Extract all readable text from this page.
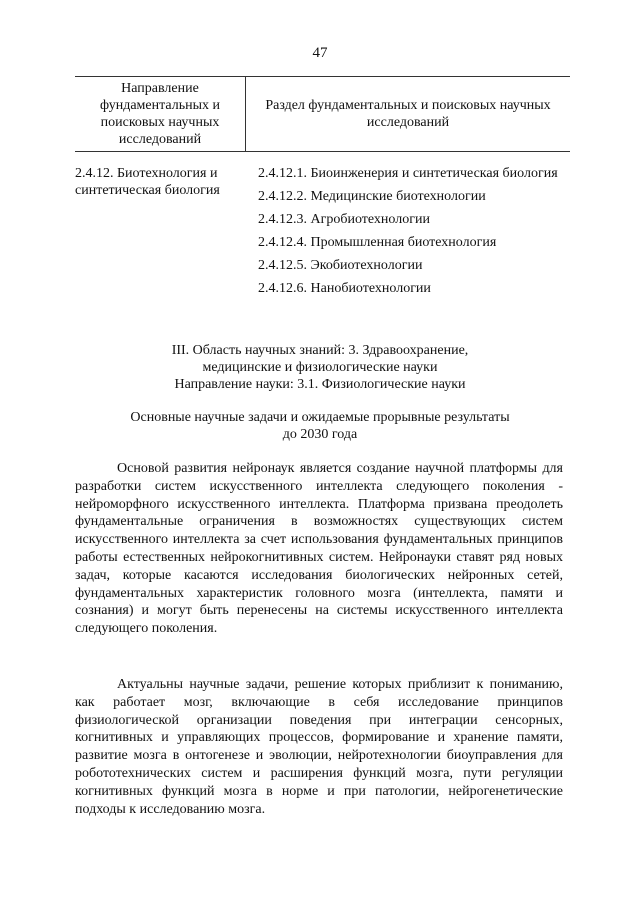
47
Направление фундаментальных и поисковых научных исследований
Раздел фундаментальных и поисковых научных исследований
2.4.12. Биотехнология и синтетическая биология
2.4.12.1. Биоинженерия и синтетическая биология
2.4.12.2. Медицинские биотехнологии
2.4.12.3. Агробиотехнологии
2.4.12.4. Промышленная биотехнология
2.4.12.5. Экобиотехнологии
2.4.12.6. Нанобиотехнологии
III. Область научных знаний: 3. Здравоохранение,
медицинские и физиологические науки
Направление науки: 3.1. Физиологические науки
Основные научные задачи и ожидаемые прорывные результаты
до 2030 года

Основой развития нейронаук является создание научной платформы для разработки систем искусственного интеллекта следующего поколения - нейроморфного искусственного интеллекта. Платформа призвана преодолеть фундаментальные ограничения в возможностях существующих систем искусственного интеллекта за счет использования фундаментальных принципов работы естественных нейрокогнитивных систем. Нейронауки ставят ряд новых задач, которые касаются исследования биологических нейронных сетей, фундаментальных характеристик головного мозга (интеллекта, памяти и сознания) и могут быть перенесены на системы искусственного интеллекта следующего поколения.

Актуальны научные задачи, решение которых приблизит к пониманию, как работает мозг, включающие в себя исследование принципов физиологической организации поведения при интеграции сенсорных, когнитивных и управляющих процессов, формирование и хранение памяти, развитие мозга в онтогенезе и эволюции, нейротехнологии биоуправления для робототехнических систем и расширения функций мозга, пути регуляции когнитивных функций мозга в норме и при патологии, нейрогенетические подходы к исследованию мозга.
